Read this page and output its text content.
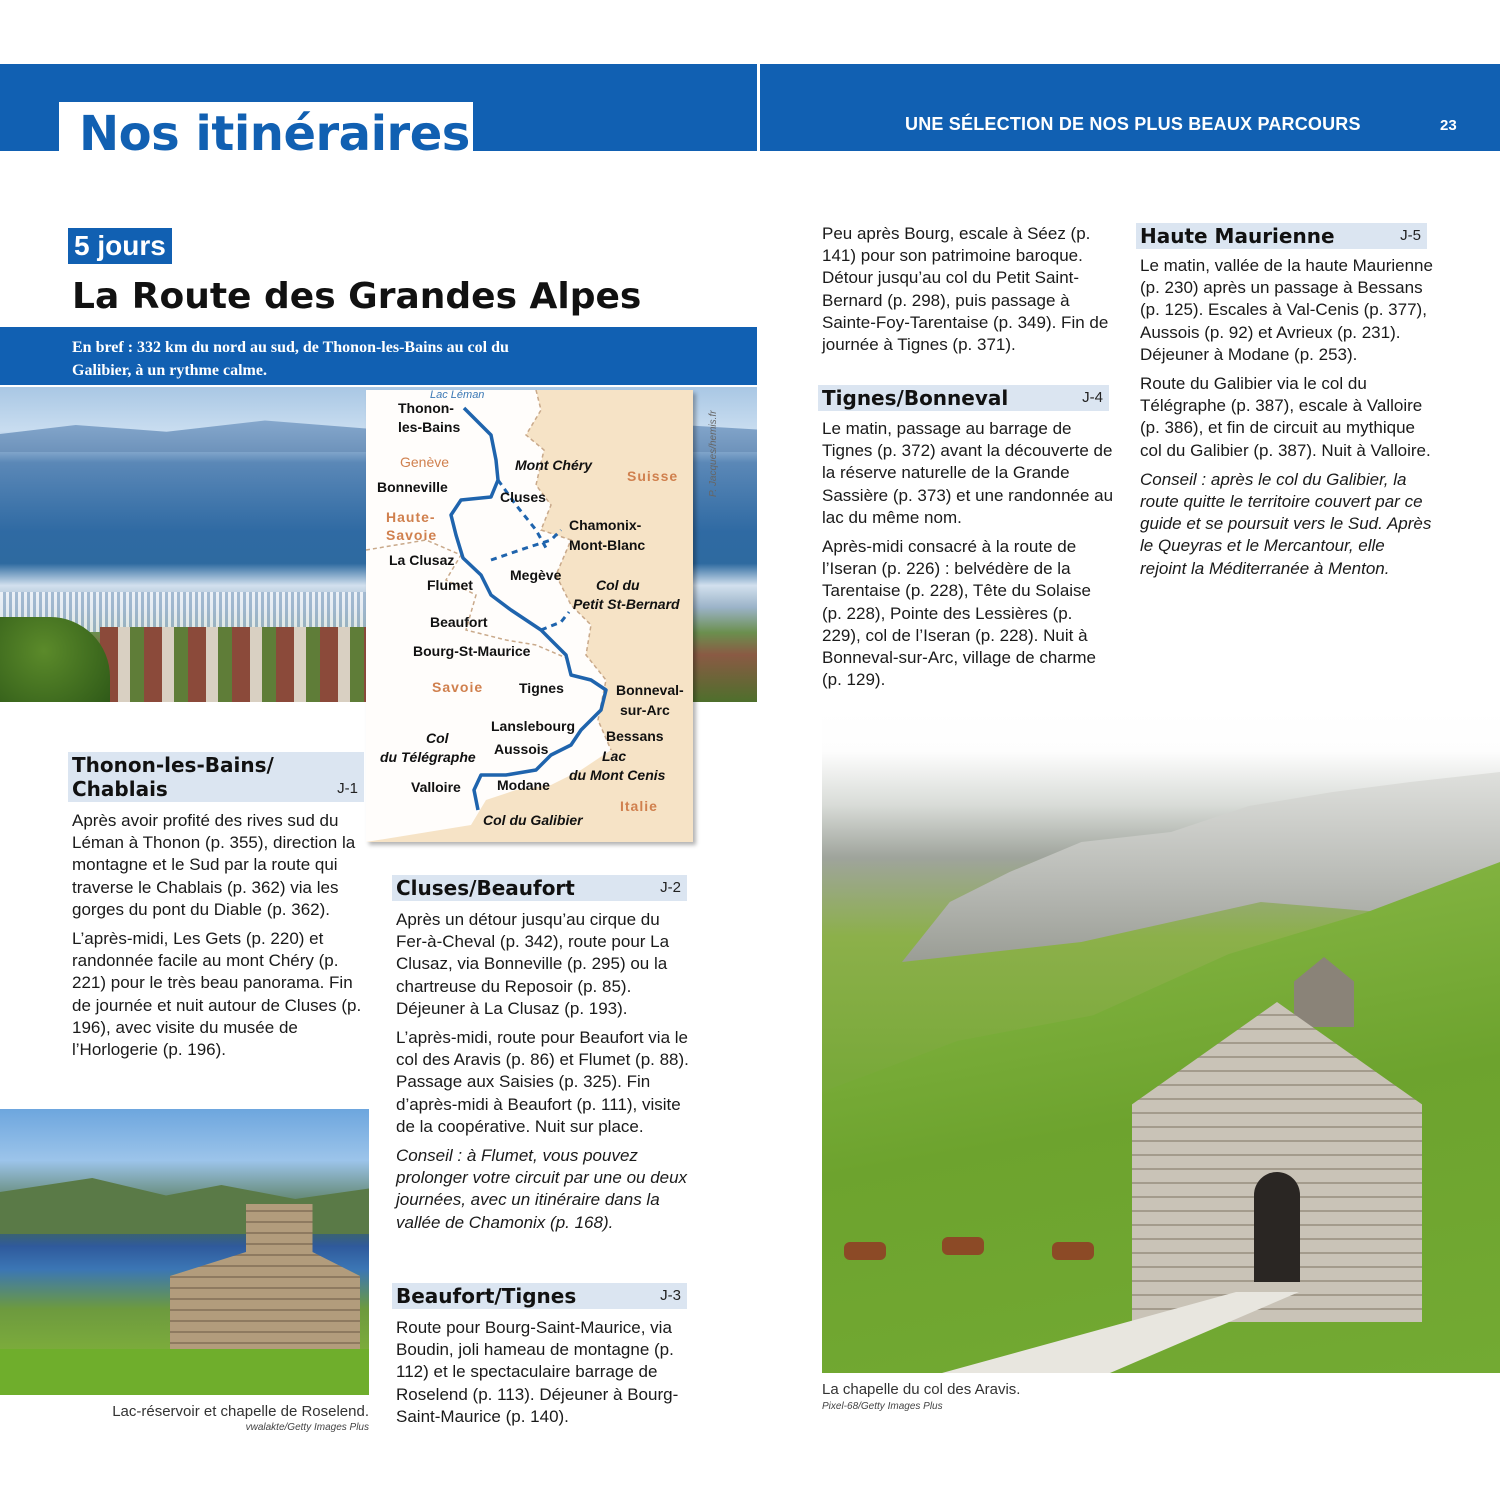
Nos itinéraires	UNE SÉLECTION DE NOS PLUS BEAUX PARCOURS	23
5 jours
La Route des Grandes Alpes
En bref : 332 km du nord au sud, de Thonon-les-Bains au col du Galibier, à un rythme calme.
Lac Léman
Thonon-
les-Bains
Genève	Mont Chéry
Suisse
Bonneville
Cluses
Haute-
Savoie
Chamonix-
Mont-Blanc
La Clusaz
Megève
Flumet	Col du
Petit St-Bernard
Beaufort
Bourg-St-Maurice
Savoie	Tignes	Bonneval-
sur-Arc
Lanslebourg
Col
du Télégraphe Aussois
Bessans
Lac
du Mont Cenis
Valloire	Modane
Italie
Col du Galibier
P. Jacques/hemis.fr
Thonon-les-Bains/
Chablais	J-1

Après avoir profité des rives sud du Léman à Thonon (p. 355), direction la montagne et le Sud par la route qui traverse le Chablais (p. 362) via les gorges du pont du Diable (p. 362).

L’après-midi, Les Gets (p. 220) et randonnée facile au mont Chéry (p. 221) pour le très beau panorama. Fin de journée et nuit autour de Cluses (p. 196), avec visite du musée de l’Horlogerie (p. 196).

Lac-réservoir et chapelle de Roselend.
vwalakte/Getty Images Plus
Cluses/Beaufort	J-2

Après un détour jusqu’au cirque du Fer-à-Cheval (p. 342), route pour La Clusaz, via Bonneville (p. 295) ou la chartreuse du Reposoir (p. 85). Déjeuner à La Clusaz (p. 193).

L’après-midi, route pour Beaufort via le col des Aravis (p. 86) et Flumet (p. 88). Passage aux Saisies (p. 325). Fin d’après-midi à Beaufort (p. 111), visite de la coopérative. Nuit sur place.

Conseil : à Flumet, vous pouvez prolonger votre circuit par une ou deux journées, avec un itinéraire dans la vallée de Chamonix (p. 168).

Beaufort/Tignes	J-3

Route pour Bourg-Saint-Maurice, via Boudin, joli hameau de montagne (p. 112) et le spectaculaire barrage de Roselend (p. 113). Déjeuner à Bourg-Saint-Maurice (p. 140).

Peu après Bourg, escale à Séez (p. 141) pour son patrimoine baroque. Détour jusqu’au col du Petit Saint-Bernard (p. 298), puis passage à Sainte-Foy-Tarentaise (p. 349). Fin de journée à Tignes (p. 371).

Tignes/Bonneval	J-4

Le matin, passage au barrage de Tignes (p. 372) avant la découverte de la réserve naturelle de la Grande Sassière (p. 373) et une randonnée au lac du même nom.

Après-midi consacré à la route de l’Iseran (p. 226) : belvédère de la Tarentaise (p. 228), Tête du Solaise (p. 228), Pointe des Lessières (p. 229), col de l’Iseran (p. 228). Nuit à Bonneval-sur-Arc, village de charme (p. 129).

Haute Maurienne	J-5

Le matin, vallée de la haute Maurienne (p. 230) après un passage à Bessans (p. 125). Escales à Val-Cenis (p. 377), Aussois (p. 92) et Avrieux (p. 231). Déjeuner à Modane (p. 253).

Route du Galibier via le col du Télégraphe (p. 387), escale à Valloire (p. 386), et fin de circuit au mythique col du Galibier (p. 387). Nuit à Valloire.

Conseil : après le col du Galibier, la route quitte le territoire couvert par ce guide et se poursuit vers le Sud. Après le Queyras et le Mercantour, elle rejoint la Méditerranée à Menton.

La chapelle du col des Aravis.
Pixel-68/Getty Images Plus
